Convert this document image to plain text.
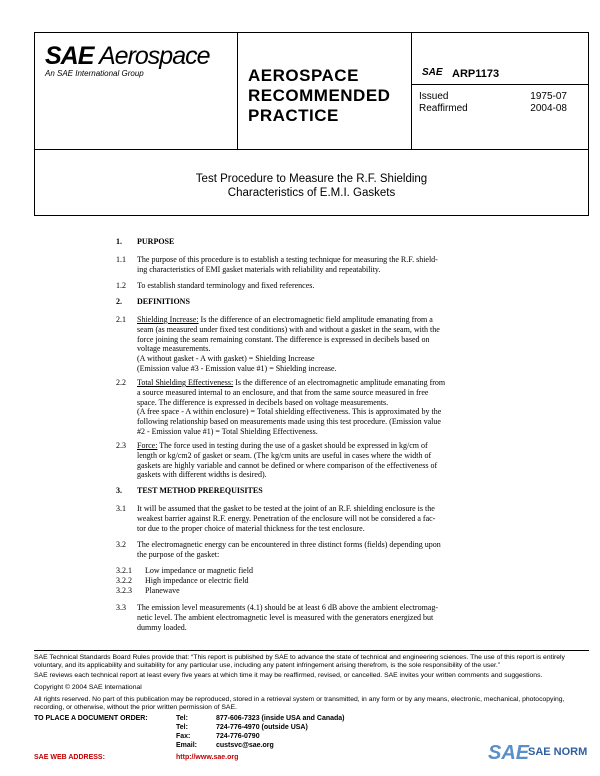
SAE Aerospace
An SAE International Group	AEROSPACE
RECOMMENDED
PRACTICE
SAE ARP1173
Issued	1975-07
Reaffirmed	2004-08
Test Procedure to Measure the R.F. Shielding
Characteristics of E.M.I. Gaskets
1. PURPOSE
1.1 The purpose of this procedure is to establish a testing technique for measuring the R.F. shield-
ing characteristics of EMI gasket materials with reliability and repeatability.
1.2 To establish standard terminology and fixed references.
2. DEFINITIONS
2.1 Shielding Increase: Is the difference of an electromagnetic field amplitude emanating from a
seam (as measured under fixed test conditions) with and without a gasket in the seam, with the
force joining the seam remaining constant. The difference is expressed in decibels based on
voltage measurements.
(A without gasket - A with gasket) = Shielding Increase
(Emission value #3 - Emission value #1) = Shielding increase.
2.2 Total Shielding Effectiveness: Is the difference of an electromagnetic amplitude emanating from
a source measured internal to an enclosure, and that from the same source measured in free
space. The difference is expressed in decibels based on voltage measurements.
(A free space - A within enclosure) = Total shielding effectiveness. This is approximated by the
following relationship based on measurements made using this test procedure. (Emission value
#2 - Emission value #1) = Total Shielding Effectiveness.
2.3 Force: The force used in testing during the use of a gasket should be expressed in kg/cm of
length or kg/cm2 of gasket or seam. (The kg/cm units are useful in cases where the width of
gaskets are highly variable and cannot be defined or where comparison of the effectiveness of
gaskets with different widths is desired).
3. TEST METHOD PREREQUISITES
3.1 It will be assumed that the gasket to be tested at the joint of an R.F. shielding enclosure is the
weakest barrier against R.F. energy. Penetration of the enclosure will not be considered a fac-
tor due to the proper choice of material thickness for the test enclosure.
3.2 The electromagnetic energy can be encountered in three distinct forms (fields) depending upon
the purpose of the gasket:
3.2.1 Low impedance or magnetic field
3.2.2 High impedance or electric field
3.2.3 Planewave
3.3 The emission level measurements (4.1) should be at least 6 dB above the ambient electromag-
netic level. The ambient electromagnetic level is measured with the generators energized but
dummy loaded.
SAE Technical Standards Board Rules provide that: “This report is published by SAE to advance the state of technical and engineering sciences. The use of this report is entirely voluntary, and its applicability and suitability for any particular use, including any patent infringement arising therefrom, is the sole responsibility of the user.”
SAE reviews each technical report at least every five years at which time it may be reaffirmed, revised, or cancelled. SAE invites your written comments and suggestions.
Copyright © 2004 SAE International
All rights reserved. No part of this publication may be reproduced, stored in a retrieval system or transmitted, in any form or by any means, electronic, mechanical, photocopying, recording, or otherwise, without the prior written permission of SAE.
TO PLACE A DOCUMENT ORDER:	Tel:	877-606-7323 (inside USA and Canada)
Tel:	724-776-4970 (outside USA)
Fax:	724-776-0790
Email:	custsvc@sae.org
SAE WEB ADDRESS:	http://www.sae.org	SAE
SAE NORM
